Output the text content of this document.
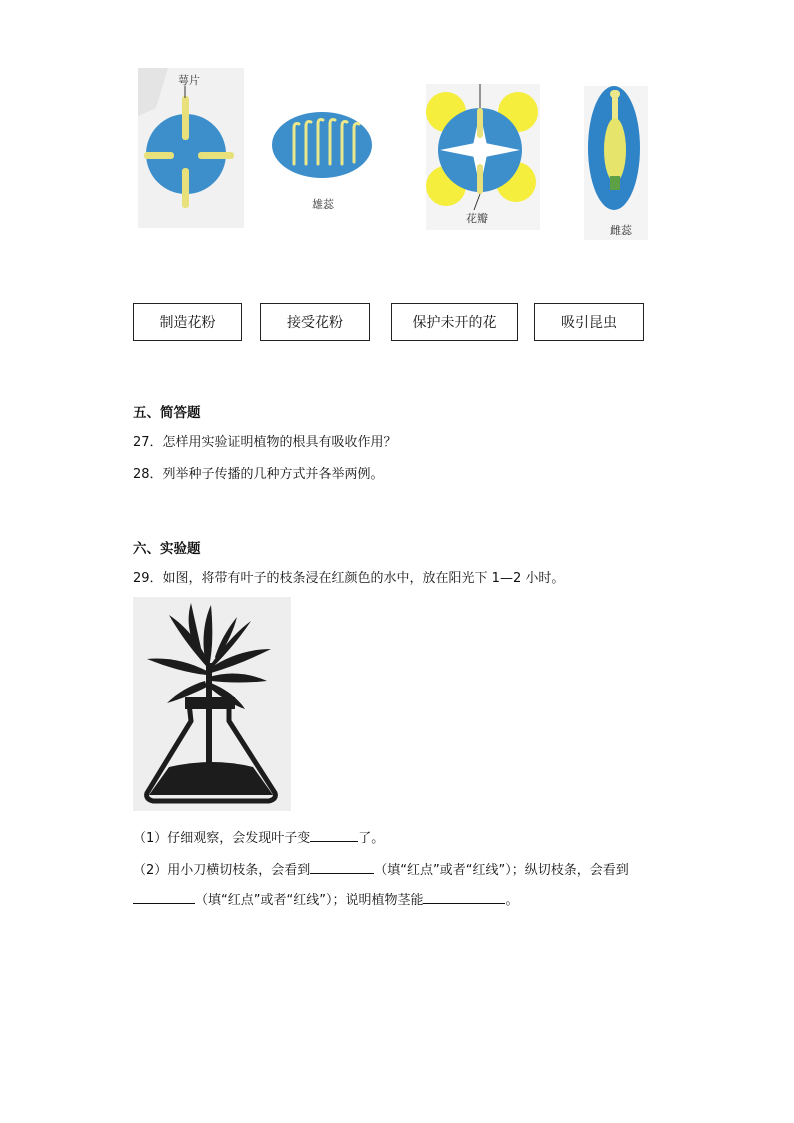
萼片
雄蕊
花瓣
雌蕊
制造花粉	接受花粉	保护未开的花	吸引昆虫
五、简答题
27．怎样用实验证明植物的根具有吸收作用？
28．列举种子传播的几种方式并各举两例。
六、实验题
29．如图，将带有叶子的枝条浸在红颜色的水中，放在阳光下 1—2 小时。
（1）仔细观察，会发现叶子变	了。
（2）用小刀横切枝条，会看到	（填“红点”或者“红线”）；纵切枝条，会看到
（填“红点”或者“红线”）；说明植物茎能	。
